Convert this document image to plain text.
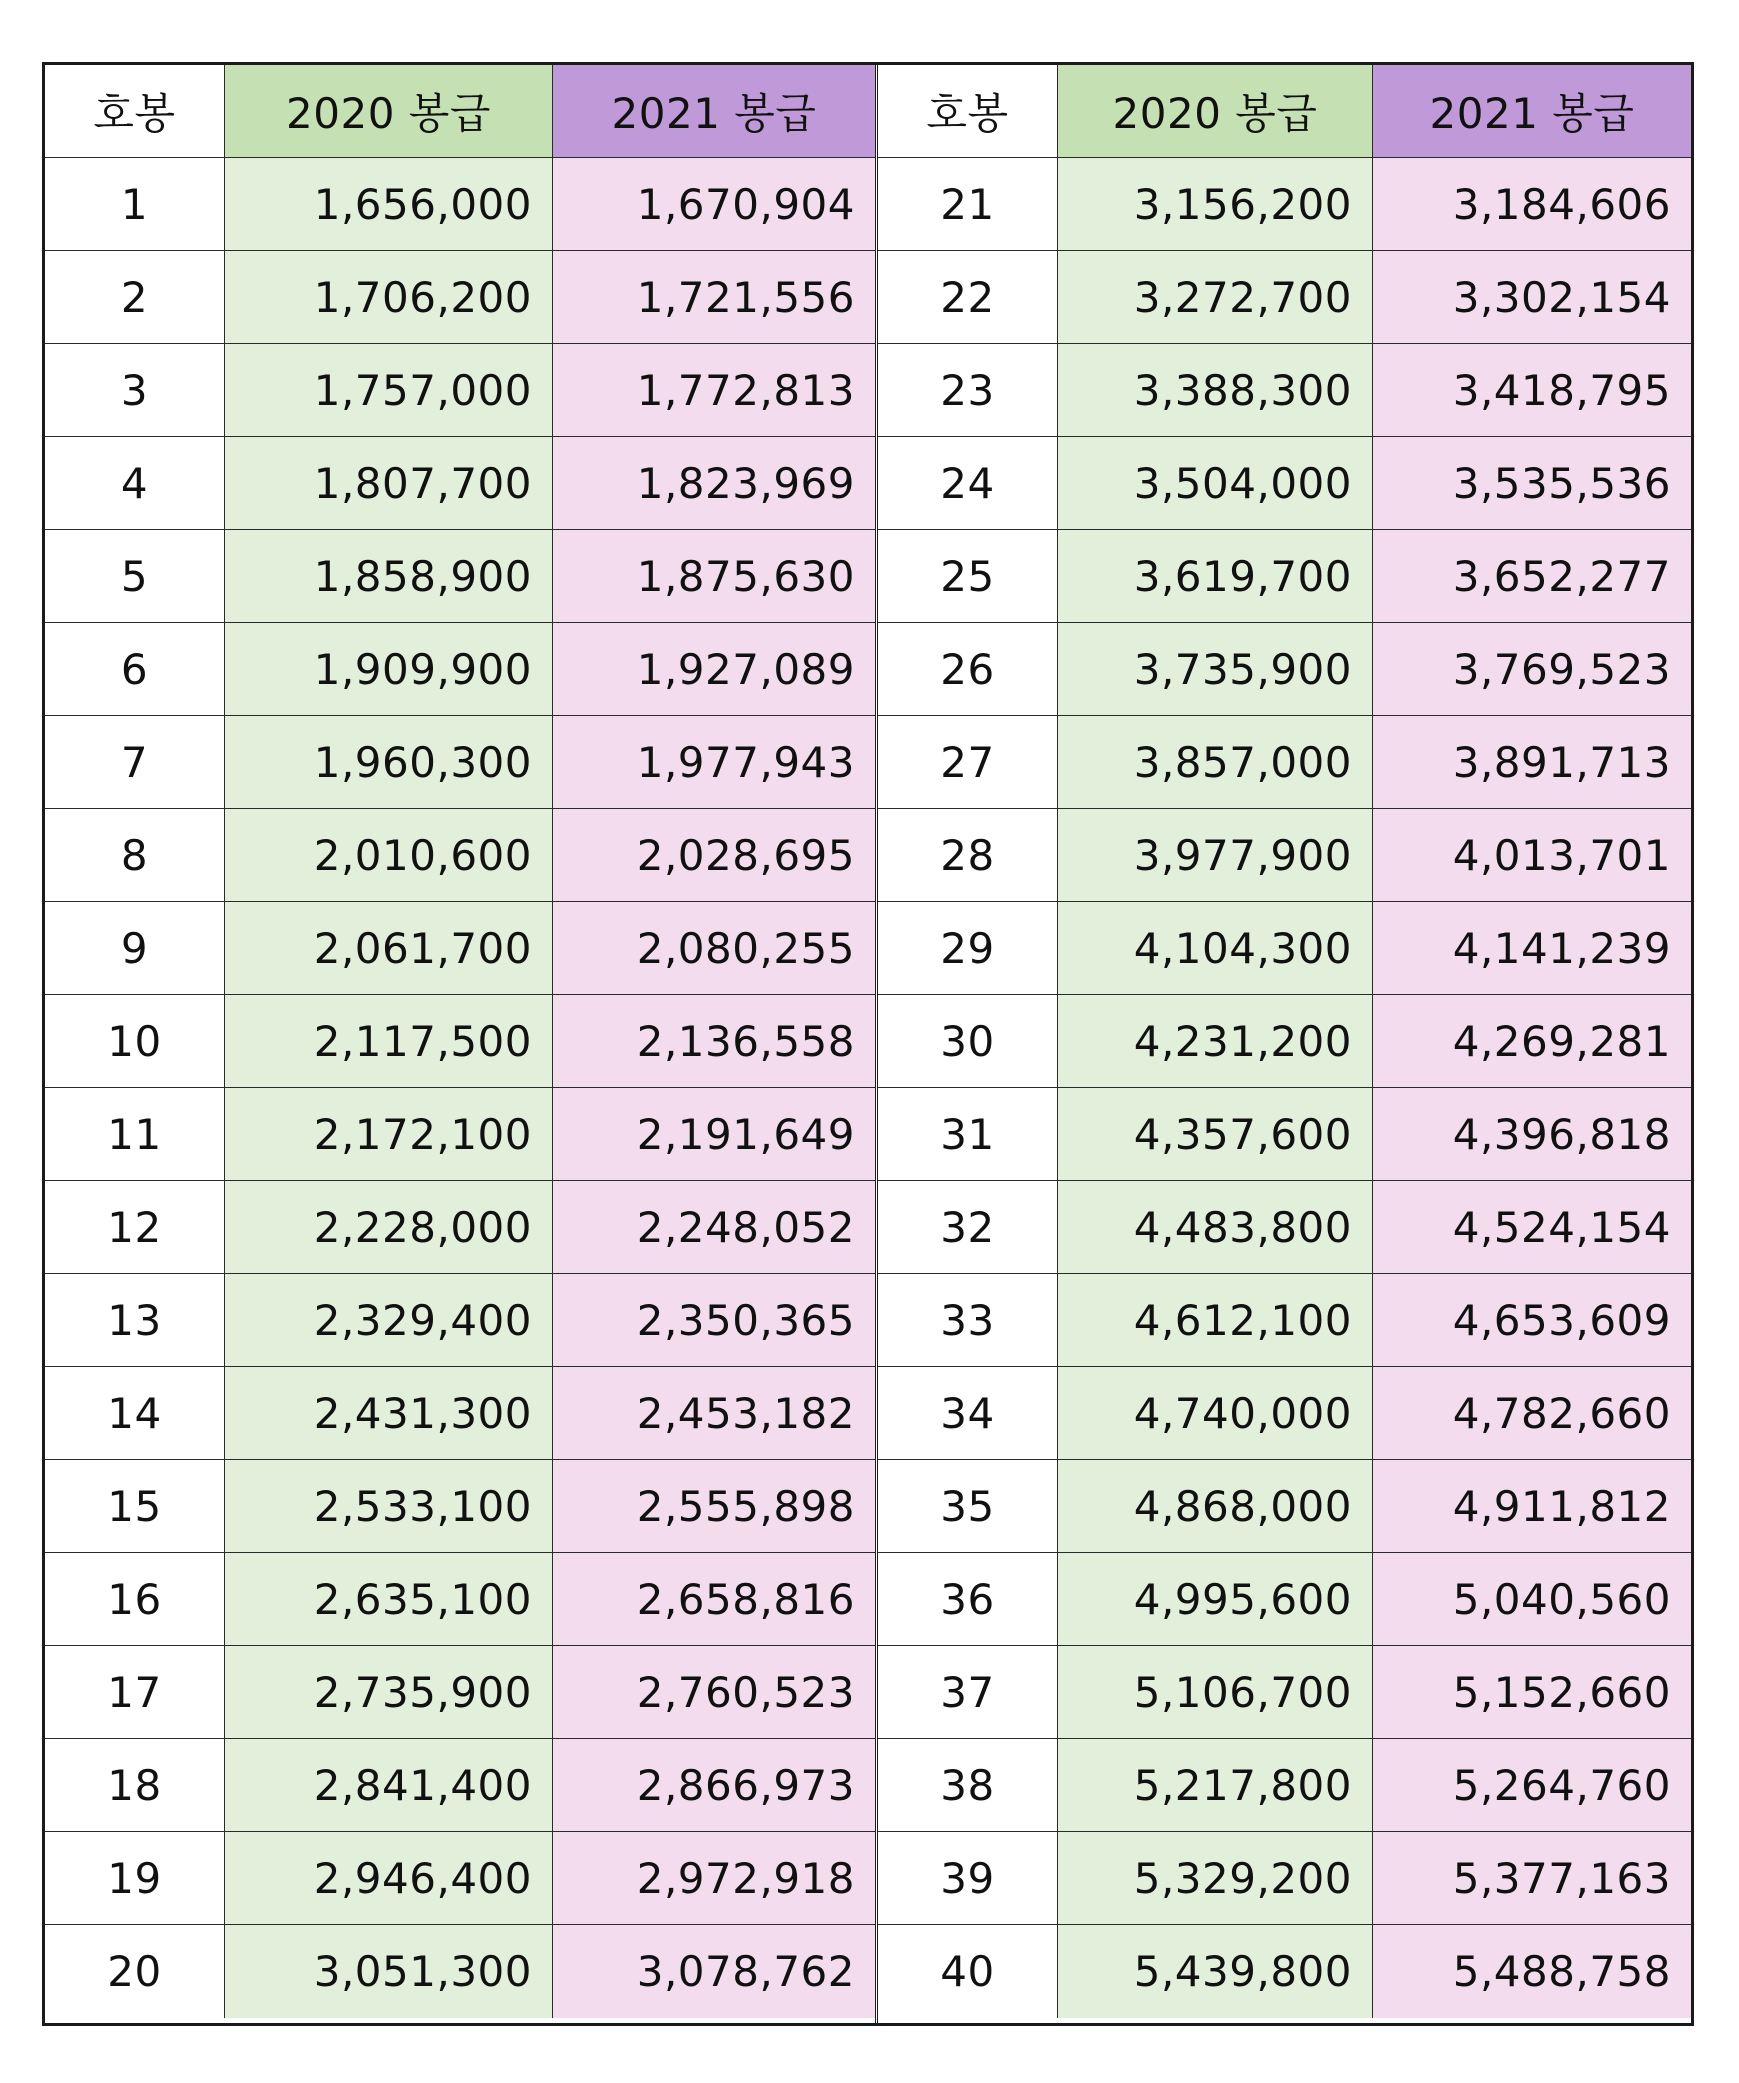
호봉	2020 봉급	2021 봉급
1	1,656,000	1,670,904
2	1,706,200	1,721,556
3	1,757,000	1,772,813
4	1,807,700	1,823,969
5	1,858,900	1,875,630
6	1,909,900	1,927,089
7	1,960,300	1,977,943
8	2,010,600	2,028,695
9	2,061,700	2,080,255
10	2,117,500	2,136,558
11	2,172,100	2,191,649
12	2,228,000	2,248,052
13	2,329,400	2,350,365
14	2,431,300	2,453,182
15	2,533,100	2,555,898
16	2,635,100	2,658,816
17	2,735,900	2,760,523
18	2,841,400	2,866,973
19	2,946,400	2,972,918
20	3,051,300	3,078,762
호봉	2020 봉급	2021 봉급
21	3,156,200	3,184,606
22	3,272,700	3,302,154
23	3,388,300	3,418,795
24	3,504,000	3,535,536
25	3,619,700	3,652,277
26	3,735,900	3,769,523
27	3,857,000	3,891,713
28	3,977,900	4,013,701
29	4,104,300	4,141,239
30	4,231,200	4,269,281
31	4,357,600	4,396,818
32	4,483,800	4,524,154
33	4,612,100	4,653,609
34	4,740,000	4,782,660
35	4,868,000	4,911,812
36	4,995,600	5,040,560
37	5,106,700	5,152,660
38	5,217,800	5,264,760
39	5,329,200	5,377,163
40	5,439,800	5,488,758
